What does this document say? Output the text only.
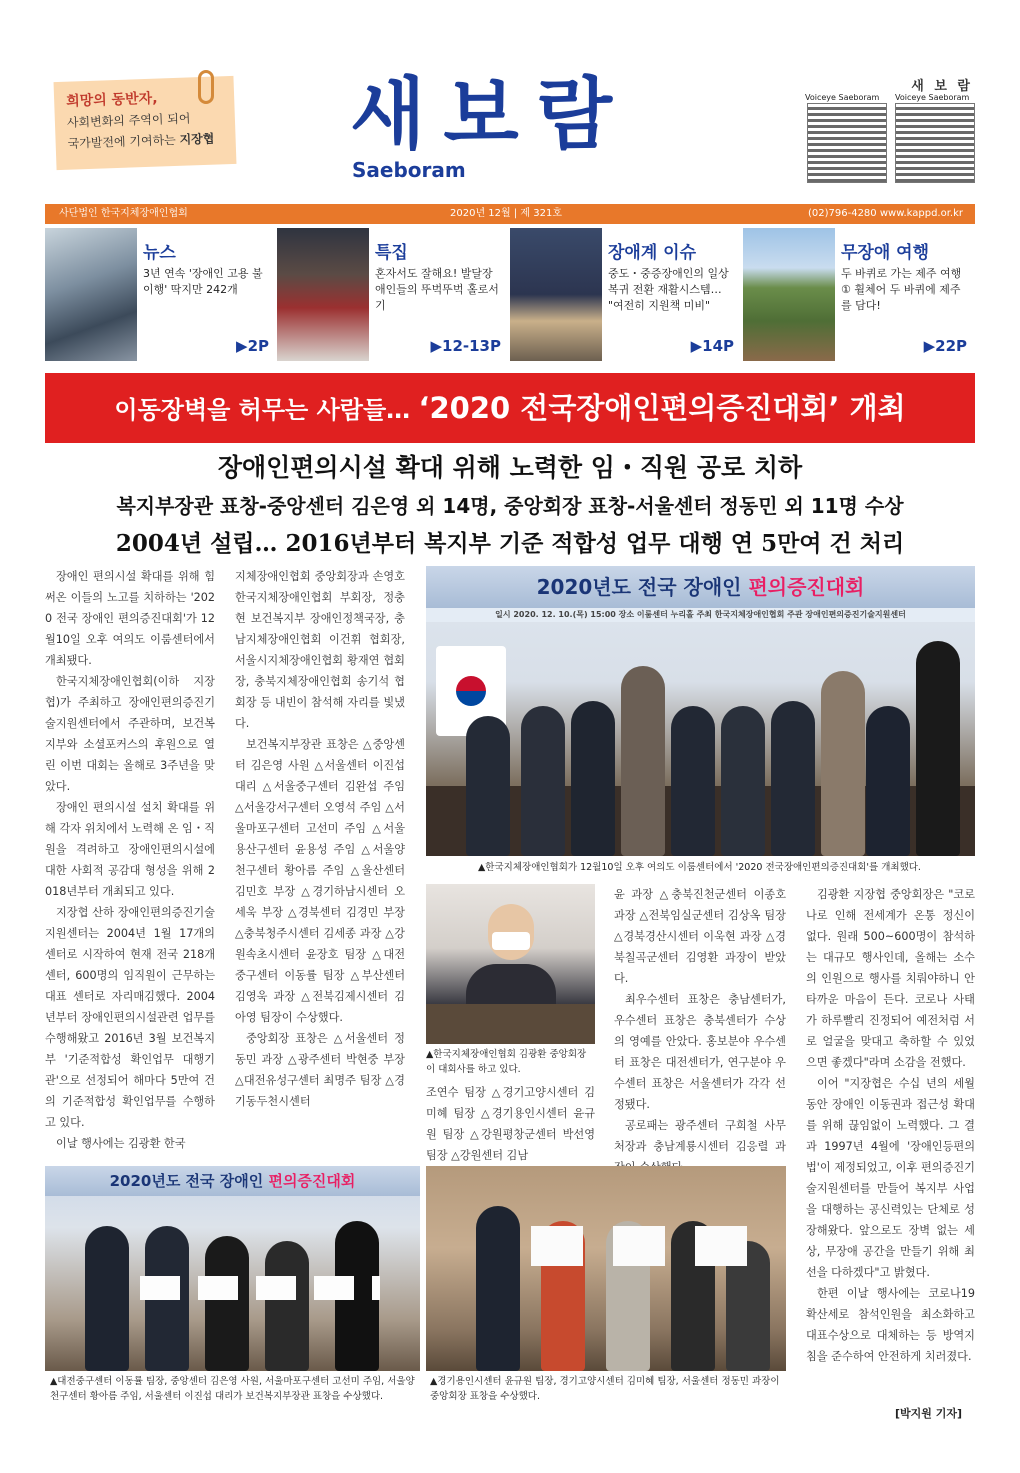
희망의 동반자,
사회변화의 주역이 되어
국가발전에 기여하는 지장협 새보람
Saeboram
새 보 람
Voiceye Saeboram Voiceye Saeboram
사단법인 한국지체장애인협회	2020년 12월 | 제 321호	(02)796-4280 www.kappd.or.kr
뉴스
3년 연속 '장애인 고용 불이행' 딱지만 242개
▶2P
특집
혼자서도 잘해요! 발달장애인들의 뚜벅뚜벅 홀로서기
▶12-13P
장애계 이슈
중도・중증장애인의 일상복귀 전환 재활시스템… "여전히 지원책 미비"
▶14P
무장애 여행
두 바퀴로 가는 제주 여행 ① 휠체어 두 바퀴에 제주를 담다!
▶22P
이동장벽을 허무는 사람들… ‘2020 전국장애인편의증진대회’ 개최
장애인편의시설 확대 위해 노력한 임・직원 공로 치하
복지부장관 표창-중앙센터 김은영 외 14명, 중앙회장 표창-서울센터 정동민 외 11명 수상
2004년 설립… 2016년부터 복지부 기준 적합성 업무 대행 연 5만여 건 처리

장애인 편의시설 확대를 위해 힘써온 이들의 노고를 치하하는 '2020 전국 장애인 편의증진대회'가 12월10일 오후 여의도 이룸센터에서 개최됐다.

한국지체장애인협회(이하 지장협)가 주최하고 장애인편의증진기술지원센터에서 주관하며, 보건복지부와 소셜포커스의 후원으로 열린 이번 대회는 올해로 3주년을 맞았다.

장애인 편의시설 설치 확대를 위해 각자 위치에서 노력해 온 임・직원을 격려하고 장애인편의시설에 대한 사회적 공감대 형성을 위해 2018년부터 개최되고 있다.

지장협 산하 장애인편의증진기술지원센터는 2004년 1월 17개의 센터로 시작하여 현재 전국 218개 센터, 600명의 임직원이 근무하는 대표 센터로 자리매김했다. 2004년부터 장애인편의시설관련 업무를 수행해왔고 2016년 3월 보건복지부 '기준적합성 확인업무 대행기관'으로 선정되어 해마다 5만여 건의 기준적합성 확인업무를 수행하고 있다.

이날 행사에는 김광환 한국

지체장애인협회 중앙회장과 손영호 한국지체장애인협회 부회장, 정충현 보건복지부 장애인정책국장, 충남지체장애인협회 이건휘 협회장, 서울시지체장애인협회 황재연 협회장, 충북지체장애인협회 송기석 협회장 등 내빈이 참석해 자리를 빛냈다.

보건복지부장관 표창은 △중앙센터 김은영 사원 △서울센터 이진섭 대리 △서울중구센터 김완섭 주임 △서울강서구센터 오영석 주임 △서울마포구센터 고선미 주임 △서울용산구센터 윤용성 주임 △서울양천구센터 황아름 주임 △울산센터 김민호 부장 △경기하남시센터 오세욱 부장 △경북센터 김경민 부장 △충북청주시센터 김세종 과장 △강원속초시센터 윤장호 팀장 △대전중구센터 이동률 팀장 △부산센터 김영욱 과장 △전북김제시센터 김아영 팀장이 수상했다.

중앙회장 표창은 △서울센터 정동민 과장 △광주센터 박현중 부장 △대전유성구센터 최명주 팀장 △경기동두천시센터

2020년도 전국 장애인 편의증진대회
일시 2020. 12. 10.(목) 15:00 장소 이룸센터 누리홀 주최 한국지체장애인협회 주관 장애인편의증진기술지원센터
▲한국지체장애인협회가 12월10일 오후 여의도 이룸센터에서 '2020 전국장애인편의증진대회'를 개최했다.
▲한국지체장애인협회 김광환 중앙회장이 대회사를 하고 있다.

조연수 팀장 △경기고양시센터 김미혜 팀장 △경기용인시센터 윤규원 팀장 △강원평창군센터 박선영 팀장 △강원센터 김남

윤 과장 △충북진천군센터 이종호 과장 △전북임실군센터 김상옥 팀장 △경북경산시센터 이욱현 과장 △경북칠곡군센터 김영환 과장이 받았다.

최우수센터 표창은 충남센터가, 우수센터 표창은 충북센터가 수상의 영예를 안았다. 홍보분야 우수센터 표창은 대전센터가, 연구분야 우수센터 표창은 서울센터가 각각 선정됐다.

공로패는 광주센터 구희철 사무처장과 충남계룡시센터 김응렬 과

김광환 지장협 중앙회장은 "코로나로 인해 전세계가 온통 정신이 없다. 원래 500~600명이 참석하는 대규모 행사인데, 올해는 소수의 인원으로 행사를 치뤄야하니 안타까운 마음이 든다. 코로나 사태가 하루빨리 진정되어 예전처럼 서로 얼굴을 맞대고 축하할 수 있었으면 좋겠다"라며 소감을 전했다.

이어 "지장협은 수십 년의 세월동안 장애인 이동권과 접근성 확대를 위해 끊임없이 노력했다. 그 결과 1997년 4월에 '장애인등편의법'이 제정되었고, 이후 편의증진기술지원센터를 만들어 복지부 사업을 대행하는 공신력있는 단체로 성장해왔다. 앞으로도 장벽 없는 세상, 무장애 공간을 만들기 위해 최선을 다하겠다"고 밝혔다.

한편 이날 행사에는 코로나19 확산세로 참석인원을 최소화하고 대표수상으로 대체하는 등 방역지침을 준수하여 안전하게 치러졌다.

2020년도 전국 장애인 편의증진대회
▲대전중구센터 이동률 팀장, 중앙센터 김은영 사원, 서울마포구센터 고선미 주임, 서울양천구센터 황아름 주임, 서울센터 이진섭 대리가 보건복지부장관 표창을 수상했다.
▲경기용인시센터 윤규원 팀장, 경기고양시센터 김미혜 팀장, 서울센터 정동민 과장이 중앙회장 표창을 수상했다.
[박지원 기자]
